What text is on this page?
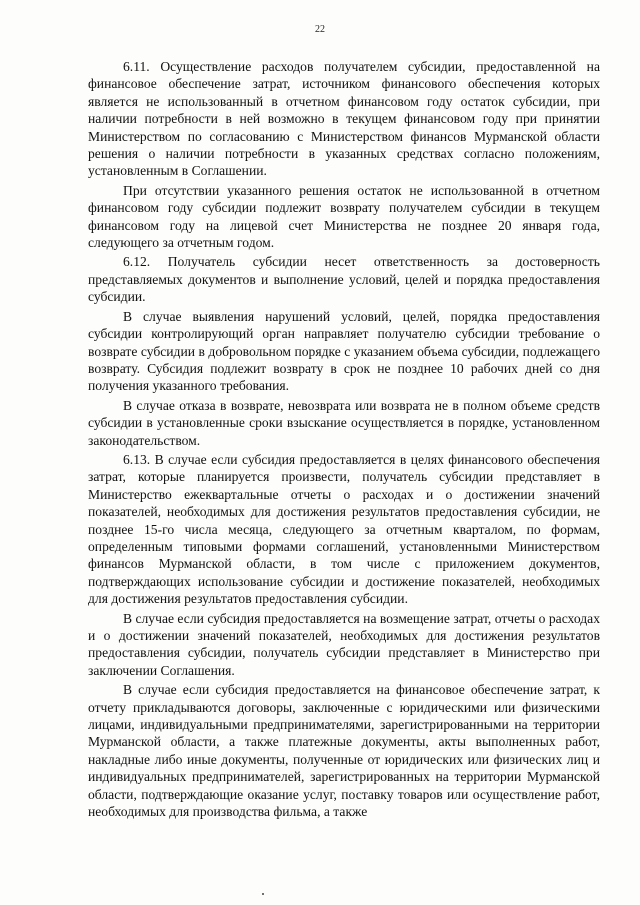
22

6.11. Осуществление расходов получателем субсидии, предоставленной на финансовое обеспечение затрат, источником финансового обеспечения которых является не использованный в отчетном финансовом году остаток субсидии, при наличии потребности в ней возможно в текущем финансовом году при принятии Министерством по согласованию с Министерством финансов Мурманской области решения о наличии потребности в указанных средствах согласно положениям, установленным в Соглашении.

При отсутствии указанного решения остаток не использованной в отчетном финансовом году субсидии подлежит возврату получателем субсидии в текущем финансовом году на лицевой счет Министерства не позднее 20 января года, следующего за отчетным годом.

6.12. Получатель субсидии несет ответственность за достоверность представляемых документов и выполнение условий, целей и порядка предоставления субсидии.

В случае выявления нарушений условий, целей, порядка предоставления субсидии контролирующий орган направляет получателю субсидии требование о возврате субсидии в добровольном порядке с указанием объема субсидии, подлежащего возврату. Субсидия подлежит возврату в срок не позднее 10 рабочих дней со дня получения указанного требования.

В случае отказа в возврате, невозврата или возврата не в полном объеме средств субсидии в установленные сроки взыскание осуществляется в порядке, установленном законодательством.

6.13. В случае если субсидия предоставляется в целях финансового обеспечения затрат, которые планируется произвести, получатель субсидии представляет в Министерство ежеквартальные отчеты о расходах и о достижении значений показателей, необходимых для достижения результатов предоставления субсидии, не позднее 15-го числа месяца, следующего за отчетным кварталом, по формам, определенным типовыми формами соглашений, установленными Министерством финансов Мурманской области, в том числе с приложением документов, подтверждающих использование субсидии и достижение показателей, необходимых для достижения результатов предоставления субсидии.

В случае если субсидия предоставляется на возмещение затрат, отчеты о расходах и о достижении значений показателей, необходимых для достижения результатов предоставления субсидии, получатель субсидии представляет в Министерство при заключении Соглашения.

В случае если субсидия предоставляется на финансовое обеспечение затрат, к отчету прикладываются договоры, заключенные с юридическими или физическими лицами, индивидуальными предпринимателями, зарегистрированными на территории Мурманской области, а также платежные документы, акты выполненных работ, накладные либо иные документы, полученные от юридических или физических лиц и индивидуальных предпринимателей, зарегистрированных на территории Мурманской области, подтверждающие оказание услуг, поставку товаров или осуществление работ, необходимых для производства фильма, а также
